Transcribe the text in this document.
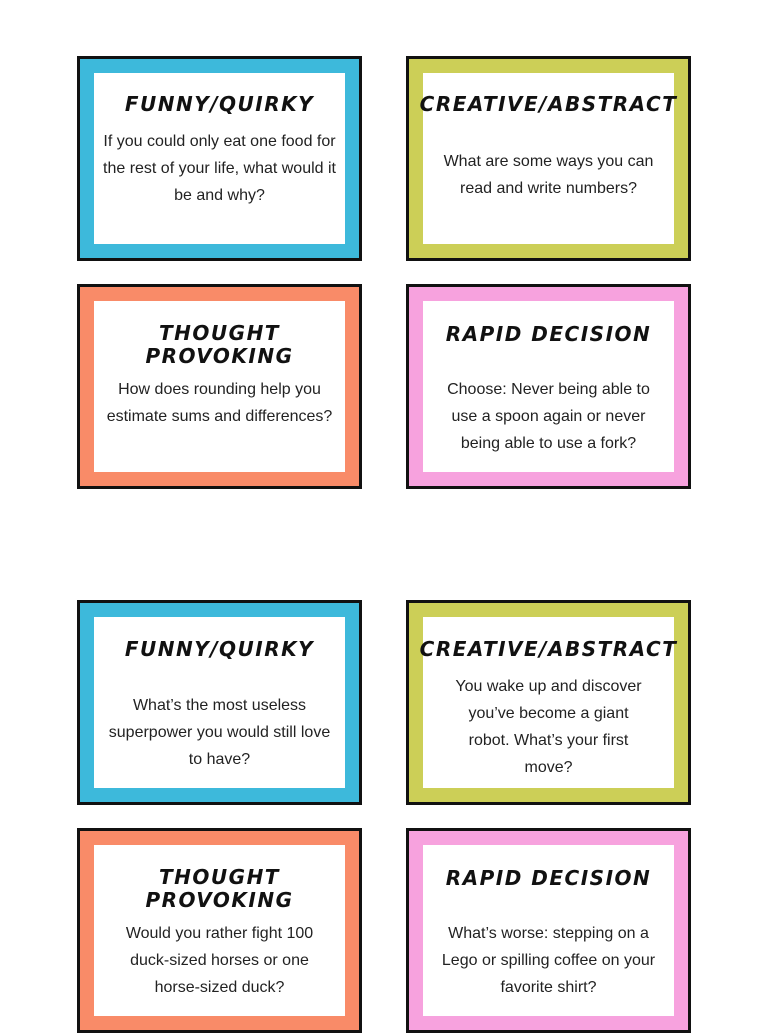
FUNNY/QUIRKY
If you could only eat one food for the rest of your life, what would it be and why?
CREATIVE/ABSTRACT
What are some ways you can read and write numbers?
THOUGHT
PROVOKING
How does rounding help you estimate sums and differences?
RAPID DECISION
Choose: Never being able to use a spoon again or never being able to use a fork?
FUNNY/QUIRKY
What’s the most useless superpower you would still love to have?
CREATIVE/ABSTRACT
You wake up and discover you’ve become a giant robot. What’s your first move?
THOUGHT
PROVOKING
Would you rather fight 100 duck-sized horses or one horse-sized duck?
RAPID DECISION
What’s worse: stepping on a Lego or spilling coffee on your favorite shirt?
